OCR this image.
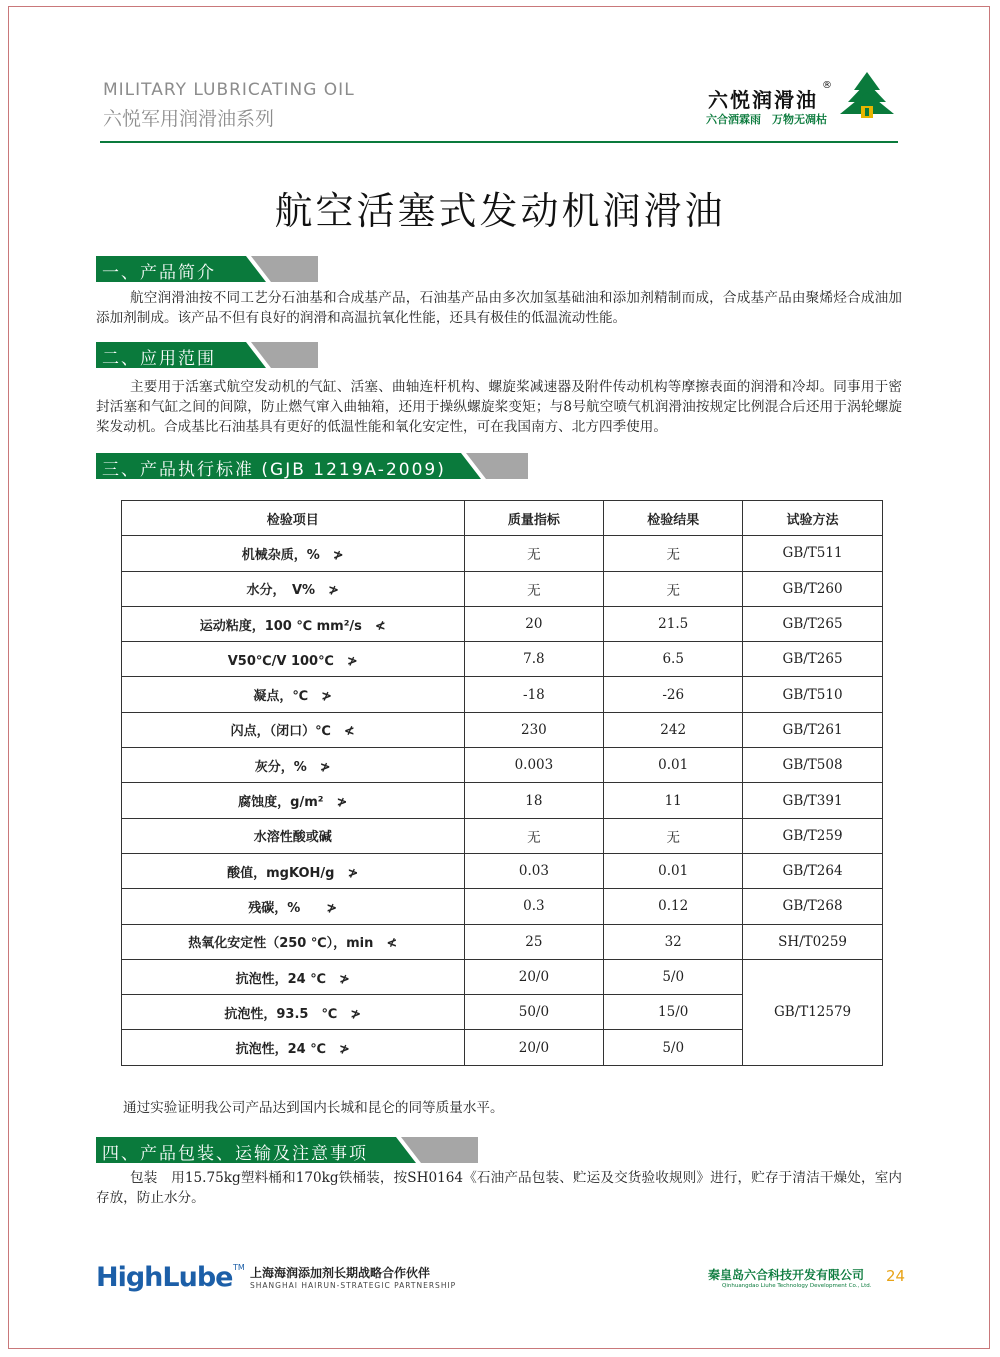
MILITARY LUBRICATING OIL
六悦军用润滑油系列
六悦润滑油
®
六合洒霖雨　万物无凋枯
航空活塞式发动机润滑油
一、产品简介
航空润滑油按不同工艺分石油基和合成基产品，石油基产品由多次加氢基础油和添加剂精制而成，合成基产品由聚烯烃合成油加添加剂制成。该产品不但有良好的润滑和高温抗氧化性能，还具有极佳的低温流动性能。
二、应用范围
主要用于活塞式航空发动机的气缸、活塞、曲轴连杆机构、螺旋桨减速器及附件传动机构等摩擦表面的润滑和冷却。同事用于密封活塞和气缸之间的间隙，防止燃气窜入曲轴箱，还用于操纵螺旋桨变矩；与8号航空喷气机润滑油按规定比例混合后还用于涡轮螺旋桨发动机。合成基比石油基具有更好的低温性能和氧化安定性，可在我国南方、北方四季使用。
三、产品执行标准 (GJB 1219A-2009)
检验项目	质量指标	检验结果	试验方法
机械杂质，%　≯	无	无	GB/T511
水分，　V%　≯	无	无	GB/T260
运动粘度，100 ℃ mm²/s　≮	20	21.5	GB/T265
V50℃/V 100℃　≯	7.8	6.5	GB/T265
凝点，℃　≯	-18	-26	GB/T510
闪点，（闭口）℃　≮	230	242	GB/T261
灰分，%　≯	0.003	0.01	GB/T508
腐蚀度，g/m²　≯	18	11	GB/T391
水溶性酸或碱	无	无	GB/T259
酸值，mgKOH/g　≯	0.03	0.01	GB/T264
残碳，%　　≯	0.3	0.12	GB/T268
热氧化安定性（250 ℃），min　≮	25	32	SH/T0259
抗泡性，24 ℃　≯	20/0	5/0	GB/T12579
抗泡性，93.5　℃　≯	50/0	15/0	
抗泡性，24 ℃　≯	20/0	5/0	
通过实验证明我公司产品达到国内长城和昆仑的同等质量水平。
四、产品包装、运输及注意事项
包装　用15.75kg塑料桶和170kg铁桶装，按SH0164《石油产品包装、贮运及交货验收规则》进行，贮存于清洁干燥处，室内存放，防止水分。
HighLube TM 上海海润添加剂长期战略合作伙伴
SHANGHAI HAIRUN-STRATEGIC PARTNERSHIP
秦皇岛六合科技开发有限公司
Qinhuangdao Liuhe Technology Development Co., Ltd.
24
